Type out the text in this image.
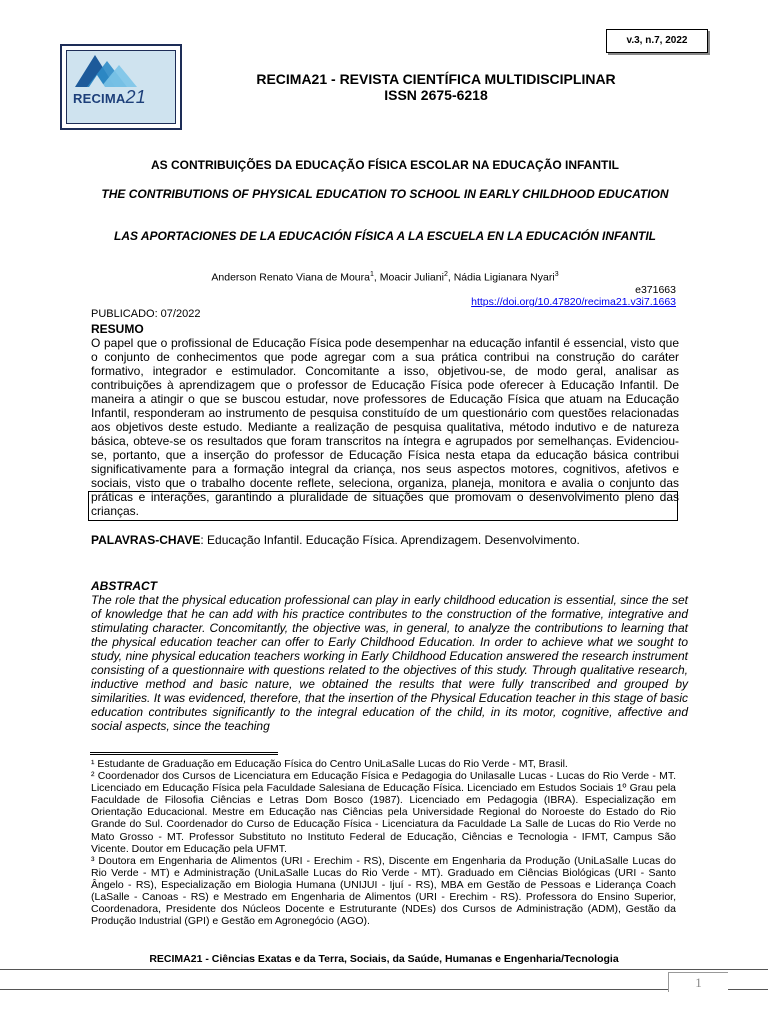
RECIMA21
v.3, n.7, 2022
RECIMA21 - REVISTA CIENTÍFICA MULTIDISCIPLINAR
ISSN 2675-6218
AS CONTRIBUIÇÕES DA EDUCAÇÃO FÍSICA ESCOLAR NA EDUCAÇÃO INFANTIL
THE CONTRIBUTIONS OF PHYSICAL EDUCATION TO SCHOOL IN EARLY CHILDHOOD EDUCATION
LAS APORTACIONES DE LA EDUCACIÓN FÍSICA A LA ESCUELA EN LA EDUCACIÓN INFANTIL
Anderson Renato Viana de Moura$^1$, Moacir Juliani$^2$, Nádia Ligianara Nyari$^3$
e371663
https://doi.org/10.47820/recima21.v3i7.1663
PUBLICADO: 07/2022
RESUMO
O papel que o profissional de Educação Física pode desempenhar na educação infantil é essencial, visto que o conjunto de conhecimentos que pode agregar com a sua prática contribui na construção do caráter formativo, integrador e estimulador. Concomitante a isso, objetivou-se, de modo geral, analisar as contribuições à aprendizagem que o professor de Educação Física pode oferecer à Educação Infantil. De maneira a atingir o que se buscou estudar, nove professores de Educação Física que atuam na Educação Infantil, responderam ao instrumento de pesquisa constituído de um questionário com questões relacionadas aos objetivos deste estudo. Mediante a realização de pesquisa qualitativa, método indutivo e de natureza básica, obteve-se os resultados que foram transcritos na íntegra e agrupados por semelhanças. Evidenciou-se, portanto, que a inserção do professor de Educação Física nesta etapa da educação básica contribui significativamente para a formação integral da criança, nos seus aspectos motores, cognitivos, afetivos e sociais, visto que o trabalho docente reflete, seleciona, organiza, planeja, monitora e avalia o conjunto das práticas e interações, garantindo a pluralidade de situações que promovam o desenvolvimento pleno das crianças.
PALAVRAS-CHAVE: Educação Infantil. Educação Física. Aprendizagem. Desenvolvimento.
ABSTRACT
The role that the physical education professional can play in early childhood education is essential, since the set of knowledge that he can add with his practice contributes to the construction of the formative, integrative and stimulating character. Concomitantly, the objective was, in general, to analyze the contributions to learning that the physical education teacher can offer to Early Childhood Education. In order to achieve what we sought to study, nine physical education teachers working in Early Childhood Education answered the research instrument consisting of a questionnaire with questions related to the objectives of this study. Through qualitative research, inductive method and basic nature, we obtained the results that were fully transcribed and grouped by similarities. It was evidenced, therefore, that the insertion of the Physical Education teacher in this stage of basic education contributes significantly to the integral education of the child, in its motor, cognitive, affective and social aspects, since the teaching

¹ Estudante de Graduação em Educação Física do Centro UniLaSalle Lucas do Rio Verde - MT, Brasil.

² Coordenador dos Cursos de Licenciatura em Educação Física e Pedagogia do Unilasalle Lucas - Lucas do Rio Verde - MT. Licenciado em Educação Física pela Faculdade Salesiana de Educação Física. Licenciado em Estudos Sociais 1º Grau pela Faculdade de Filosofia Ciências e Letras Dom Bosco (1987). Licenciado em Pedagogia (IBRA). Especialização em Orientação Educacional. Mestre em Educação nas Ciências pela Universidade Regional do Noroeste do Estado do Rio Grande do Sul. Coordenador do Curso de Educação Física - Licenciatura da Faculdade La Salle de Lucas do Rio Verde no Mato Grosso - MT. Professor Substituto no Instituto Federal de Educação, Ciências e Tecnologia - IFMT, Campus São Vicente. Doutor em Educação pela UFMT.

³ Doutora em Engenharia de Alimentos (URI - Erechim - RS), Discente em Engenharia da Produção (UniLaSalle Lucas do Rio Verde - MT) e Administração (UniLaSalle Lucas do Rio Verde - MT). Graduado em Ciências Biológicas (URI - Santo Ângelo - RS), Especialização em Biologia Humana (UNIJUI - Ijuí - RS), MBA em Gestão de Pessoas e Liderança Coach (LaSalle - Canoas - RS) e Mestrado em Engenharia de Alimentos (URI - Erechim - RS). Professora do Ensino Superior, Coordenadora, Presidente dos Núcleos Docente e Estruturante (NDEs) dos Cursos de Administração (ADM), Gestão da Produção Industrial (GPI) e Gestão em Agronegócio (AGO).

RECIMA21 - Ciências Exatas e da Terra, Sociais, da Saúde, Humanas e Engenharia/Tecnologia
1
